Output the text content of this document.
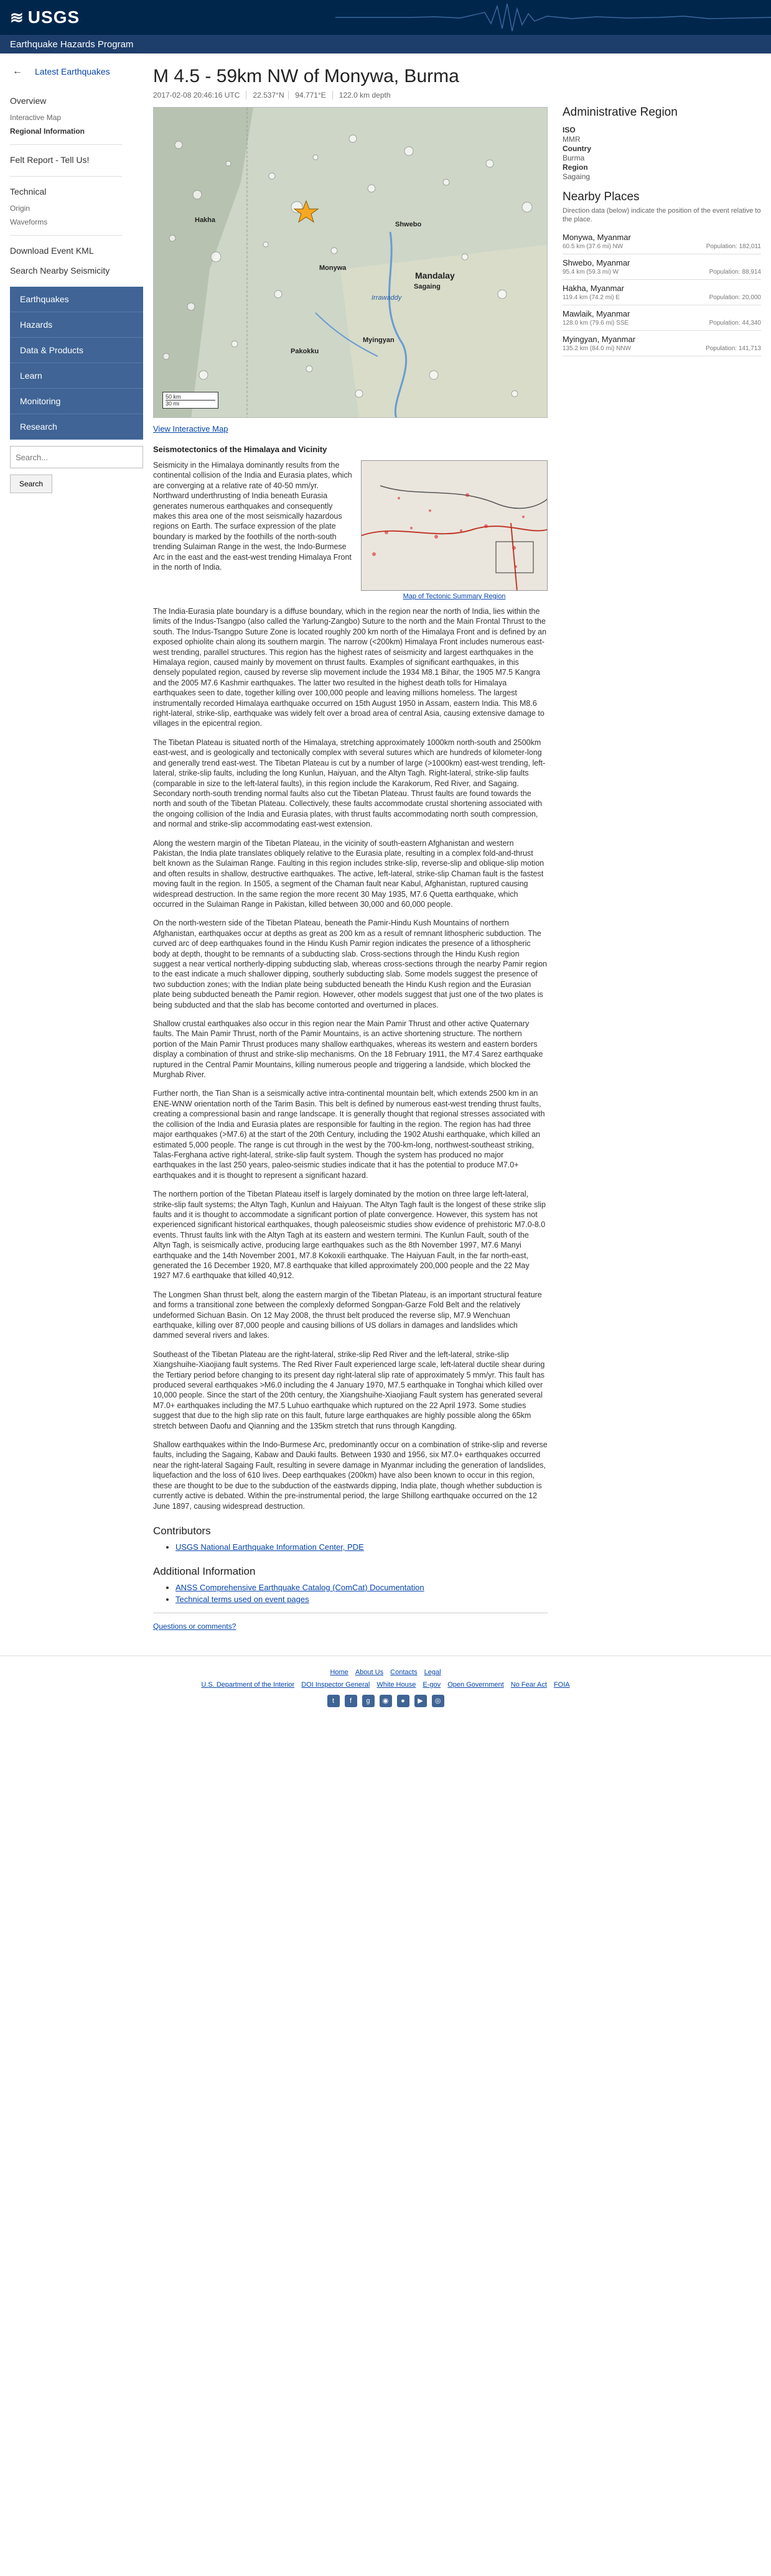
≋ USGS
Earthquake Hazards Program
← Latest Earthquakes
Overview
Interactive Map
Regional Information
Felt Report - Tell Us!
Technical
Origin
Waveforms
Download Event KML
Search Nearby Seismicity
Earthquakes
Hazards
Data & Products
Learn
Monitoring
Research
Search... Search
M 4.5 - 59km NW of Monywa, Burma
2017-02-08 20:46:16 UTC	22.537°N 94.771°E	122.0 km depth
Hakha
Shwebo
Monywa
Mandalay
Sagaing
Irrawaddy
Myingyan
Pakokku
50 km
30 mi
View Interactive Map
Seismotectonics of the Himalaya and Vicinity
Map of Tectonic Summary Region

Seismicity in the Himalaya dominantly results from the continental collision of the India and Eurasia plates, which are converging at a relative rate of 40-50 mm/yr. Northward underthrusting of India beneath Eurasia generates numerous earthquakes and consequently makes this area one of the most seismically hazardous regions on Earth. The surface expression of the plate boundary is marked by the foothills of the north-south trending Sulaiman Range in the west, the Indo-Burmese Arc in the east and the east-west trending Himalaya Front in the north of India.

The India-Eurasia plate boundary is a diffuse boundary, which in the region near the north of India, lies within the limits of the Indus-Tsangpo (also called the Yarlung-Zangbo) Suture to the north and the Main Frontal Thrust to the south. The Indus-Tsangpo Suture Zone is located roughly 200 km north of the Himalaya Front and is defined by an exposed ophiolite chain along its southern margin. The narrow (<200km) Himalaya Front includes numerous east-west trending, parallel structures. This region has the highest rates of seismicity and largest earthquakes in the Himalaya region, caused mainly by movement on thrust faults. Examples of significant earthquakes, in this densely populated region, caused by reverse slip movement include the 1934 M8.1 Bihar, the 1905 M7.5 Kangra and the 2005 M7.6 Kashmir earthquakes. The latter two resulted in the highest death tolls for Himalaya earthquakes seen to date, together killing over 100,000 people and leaving millions homeless. The largest instrumentally recorded Himalaya earthquake occurred on 15th August 1950 in Assam, eastern India. This M8.6 right-lateral, strike-slip, earthquake was widely felt over a broad area of central Asia, causing extensive damage to villages in the epicentral region.

The Tibetan Plateau is situated north of the Himalaya, stretching approximately 1000km north-south and 2500km east-west, and is geologically and tectonically complex with several sutures which are hundreds of kilometer-long and generally trend east-west. The Tibetan Plateau is cut by a number of large (>1000km) east-west trending, left-lateral, strike-slip faults, including the long Kunlun, Haiyuan, and the Altyn Tagh. Right-lateral, strike-slip faults (comparable in size to the left-lateral faults), in this region include the Karakorum, Red River, and Sagaing. Secondary north-south trending normal faults also cut the Tibetan Plateau. Thrust faults are found towards the north and south of the Tibetan Plateau. Collectively, these faults accommodate crustal shortening associated with the ongoing collision of the India and Eurasia plates, with thrust faults accommodating north south compression, and normal and strike-slip accommodating east-west extension.

Along the western margin of the Tibetan Plateau, in the vicinity of south-eastern Afghanistan and western Pakistan, the India plate translates obliquely relative to the Eurasia plate, resulting in a complex fold-and-thrust belt known as the Sulaiman Range. Faulting in this region includes strike-slip, reverse-slip and oblique-slip motion and often results in shallow, destructive earthquakes. The active, left-lateral, strike-slip Chaman fault is the fastest moving fault in the region. In 1505, a segment of the Chaman fault near Kabul, Afghanistan, ruptured causing widespread destruction. In the same region the more recent 30 May 1935, M7.6 Quetta earthquake, which occurred in the Sulaiman Range in Pakistan, killed between 30,000 and 60,000 people.

On the north-western side of the Tibetan Plateau, beneath the Pamir-Hindu Kush Mountains of northern Afghanistan, earthquakes occur at depths as great as 200 km as a result of remnant lithospheric subduction. The curved arc of deep earthquakes found in the Hindu Kush Pamir region indicates the presence of a lithospheric body at depth, thought to be remnants of a subducting slab. Cross-sections through the Hindu Kush region suggest a near vertical northerly-dipping subducting slab, whereas cross-sections through the nearby Pamir region to the east indicate a much shallower dipping, southerly subducting slab. Some models suggest the presence of two subduction zones; with the Indian plate being subducted beneath the Hindu Kush region and the Eurasian plate being subducted beneath the Pamir region. However, other models suggest that just one of the two plates is being subducted and that the slab has become contorted and overturned in places.

Shallow crustal earthquakes also occur in this region near the Main Pamir Thrust and other active Quaternary faults. The Main Pamir Thrust, north of the Pamir Mountains, is an active shortening structure. The northern portion of the Main Pamir Thrust produces many shallow earthquakes, whereas its western and eastern borders display a combination of thrust and strike-slip mechanisms. On the 18 February 1911, the M7.4 Sarez earthquake ruptured in the Central Pamir Mountains, killing numerous people and triggering a landside, which blocked the Murghab River.

Further north, the Tian Shan is a seismically active intra-continental mountain belt, which extends 2500 km in an ENE-WNW orientation north of the Tarim Basin. This belt is defined by numerous east-west trending thrust faults, creating a compressional basin and range landscape. It is generally thought that regional stresses associated with the collision of the India and Eurasia plates are responsible for faulting in the region. The region has had three major earthquakes (>M7.6) at the start of the 20th Century, including the 1902 Atushi earthquake, which killed an estimated 5,000 people. The range is cut through in the west by the 700-km-long, northwest-southeast striking, Talas-Ferghana active right-lateral, strike-slip fault system. Though the system has produced no major earthquakes in the last 250 years, paleo-seismic studies indicate that it has the potential to produce M7.0+ earthquakes and it is thought to represent a significant hazard.

The northern portion of the Tibetan Plateau itself is largely dominated by the motion on three large left-lateral, strike-slip fault systems; the Altyn Tagh, Kunlun and Haiyuan. The Altyn Tagh fault is the longest of these strike slip faults and it is thought to accommodate a significant portion of plate convergence. However, this system has not experienced significant historical earthquakes, though paleoseismic studies show evidence of prehistoric M7.0-8.0 events. Thrust faults link with the Altyn Tagh at its eastern and western termini. The Kunlun Fault, south of the Altyn Tagh, is seismically active, producing large earthquakes such as the 8th November 1997, M7.6 Manyi earthquake and the 14th November 2001, M7.8 Kokoxili earthquake. The Haiyuan Fault, in the far north-east, generated the 16 December 1920, M7.8 earthquake that killed approximately 200,000 people and the 22 May 1927 M7.6 earthquake that killed 40,912.

The Longmen Shan thrust belt, along the eastern margin of the Tibetan Plateau, is an important structural feature and forms a transitional zone between the complexly deformed Songpan-Garze Fold Belt and the relatively undeformed Sichuan Basin. On 12 May 2008, the thrust belt produced the reverse slip, M7.9 Wenchuan earthquake, killing over 87,000 people and causing billions of US dollars in damages and landslides which dammed several rivers and lakes.

Southeast of the Tibetan Plateau are the right-lateral, strike-slip Red River and the left-lateral, strike-slip Xiangshuihe-Xiaojiang fault systems. The Red River Fault experienced large scale, left-lateral ductile shear during the Tertiary period before changing to its present day right-lateral slip rate of approximately 5 mm/yr. This fault has produced several earthquakes >M6.0 including the 4 January 1970, M7.5 earthquake in Tonghai which killed over 10,000 people. Since the start of the 20th century, the Xiangshuihe-Xiaojiang Fault system has generated several M7.0+ earthquakes including the M7.5 Luhuo earthquake which ruptured on the 22 April 1973. Some studies suggest that due to the high slip rate on this fault, future large earthquakes are highly possible along the 65km stretch between Daofu and Qianning and the 135km stretch that runs through Kangding.

Shallow earthquakes within the Indo-Burmese Arc, predominantly occur on a combination of strike-slip and reverse faults, including the Sagaing, Kabaw and Dauki faults. Between 1930 and 1956, six M7.0+ earthquakes occurred near the right-lateral Sagaing Fault, resulting in severe damage in Myanmar including the generation of landslides, liquefaction and the loss of 610 lives. Deep earthquakes (200km) have also been known to occur in this region, these are thought to be due to the subduction of the eastwards dipping, India plate, though whether subduction is currently active is debated. Within the pre-instrumental period, the large Shillong earthquake occurred on the 12 June 1897, causing widespread destruction.

Contributors
• USGS National Earthquake Information Center, PDE
Additional Information
• ANSS Comprehensive Earthquake Catalog (ComCat) Documentation
• Technical terms used on event pages
Questions or comments?
Administrative Region
ISO
MMR
Country
Burma
Region
Sagaing
Nearby Places

Direction data (below) indicate the position of the event relative to the place.

Monywa, Myanmar
60.5 km (37.6 mi) NW	Population: 182,011
Shwebo, Myanmar
95.4 km (59.3 mi) W	Population: 88,914
Hakha, Myanmar
119.4 km (74.2 mi) E	Population: 20,000
Mawlaik, Myanmar
128.0 km (79.6 mi) SSE	Population: 44,340
Myingyan, Myanmar
135.2 km (84.0 mi) NNW	Population: 141,713
Home About Us Contacts Legal
U.S. Department of the Interior DOI Inspector General White House E-gov Open Government No Fear Act FOIA
t	f	g	◉	●	▶	◎
